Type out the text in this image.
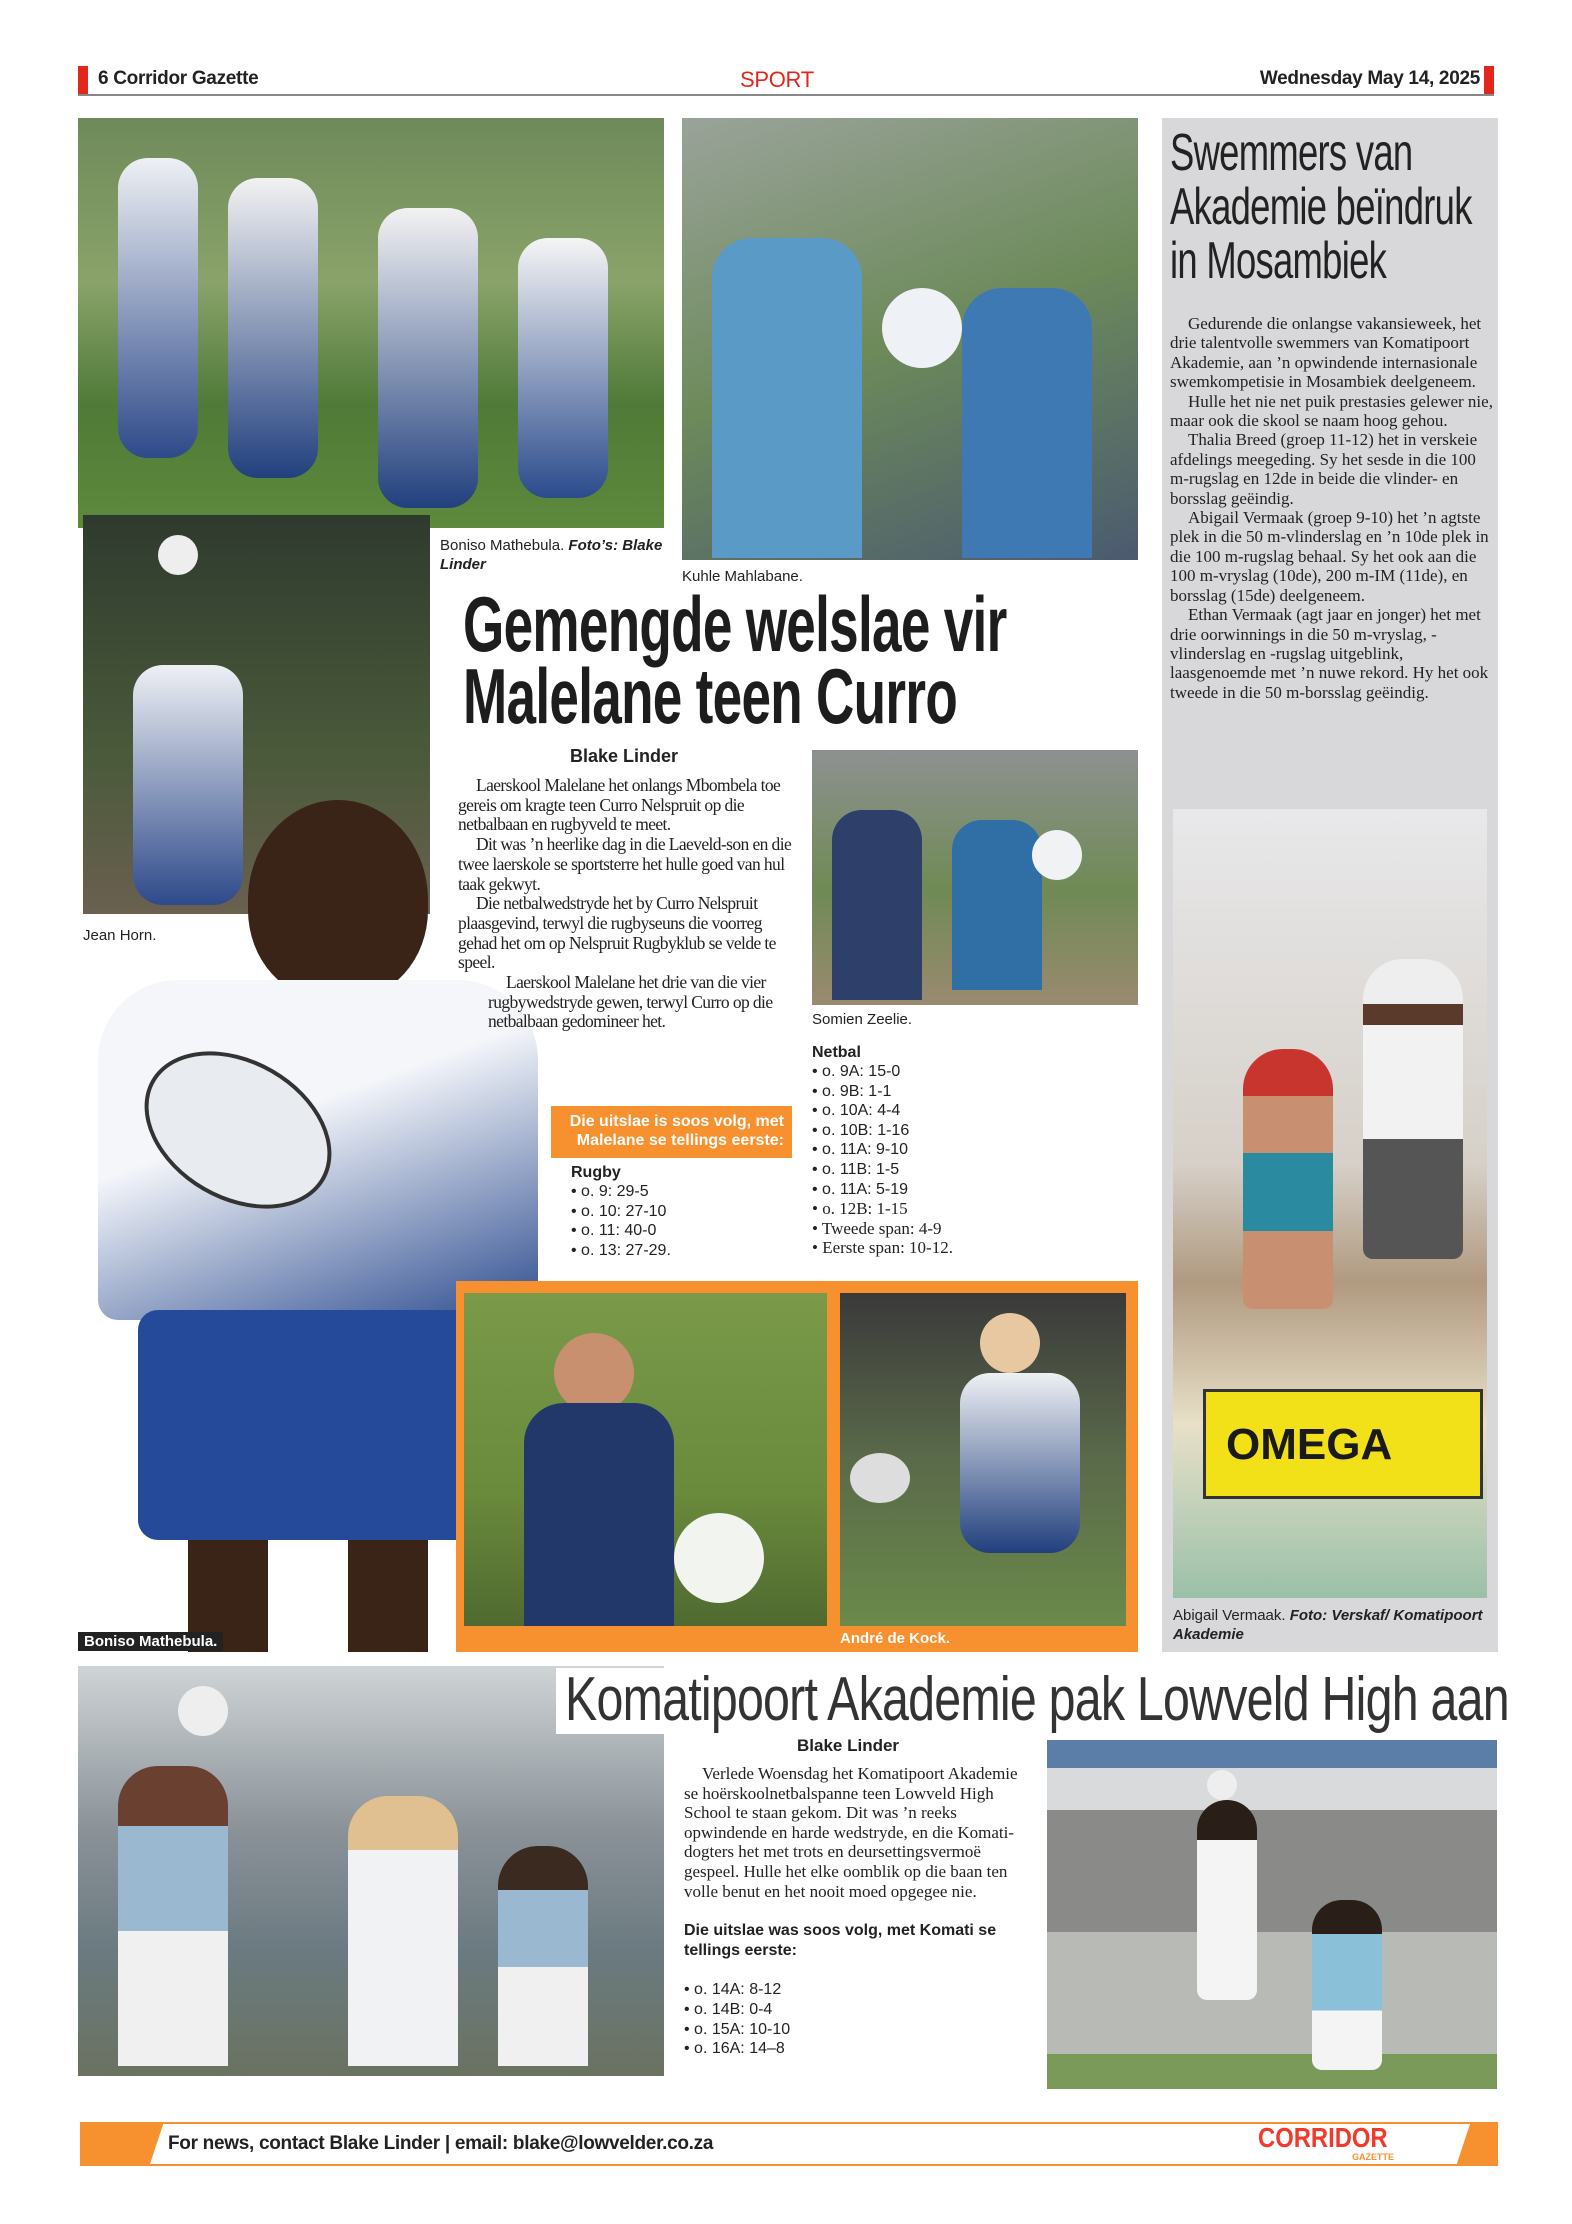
6 Corridor Gazette	SPORT	Wednesday May 14, 2025
Boniso Mathebula. Foto’s: Blake Linder
Kuhle Mahlabane.
Jean Horn.
Boniso Mathebula.
Gemengde welslae vir
Malelane teen Curro
Blake Linder

Laerskool Malelane het onlangs Mbombela toe gereis om kragte teen Curro Nelspruit op die netbalbaan en rugbyveld te meet.

Dit was ’n heerlike dag in die Laeveld-son en die twee laerskole se sportsterre het hulle goed van hul taak gekwyt.

Die netbalwedstryde het by Curro Nelspruit plaasgevind, terwyl die rugbyseuns die voorreg gehad het om op Nelspruit Rugbyklub se velde te speel.

Laerskool Malelane het drie van die vier rugbywedstryde gewen, terwyl Curro op die netbalbaan gedomineer het.

Die uitslae is soos volg, met Malelane se tellings eerste:
Rugby
• o. 9: 29-5
• o. 10: 27-10
• o. 11: 40-0
• o. 13: 27-29.
Somien Zeelie.
Netbal
• o. 9A: 15-0
• o. 9B: 1-1
• o. 10A: 4-4
• o. 10B: 1-16
• o. 11A: 9-10
• o. 11B: 1-5
• o. 11A: 5-19
• o. 12B: 1-15
• Tweede span: 4-9
• Eerste span: 10-12.
André de Kock.
Swemmers van Akademie beïndruk in Mosambiek

Gedurende die onlangse vakansieweek, het drie talentvolle swemmers van Komatipoort Akademie, aan ’n opwindende internasionale swemkompetisie in Mosambiek deelgeneem.

Hulle het nie net puik prestasies gelewer nie, maar ook die skool se naam hoog gehou.

Thalia Breed (groep 11-12) het in verskeie afdelings meegeding. Sy het sesde in die 100 m-rugslag en 12de in beide die vlinder- en borsslag geëindig.

Abigail Vermaak (groep 9-10) het ’n agtste plek in die 50 m-vlinderslag en ’n 10de plek in die 100 m-rugslag behaal. Sy het ook aan die 100 m-vryslag (10de), 200 m-IM (11de), en borsslag (15de) deelgeneem.

Ethan Vermaak (agt jaar en jonger) het met drie oorwinnings in die 50 m-vryslag, -vlinderslag en -rugslag uitgeblink, laasgenoemde met ’n nuwe rekord. Hy het ook tweede in die 50 m-borsslag geëindig.

OMEGA
Abigail Vermaak. Foto: Verskaf/ Komatipoort Akademie
Komatipoort Akademie pak Lowveld High aan
Blake Linder

Verlede Woensdag het Komatipoort Akademie se hoërskoolnetbalspanne teen Lowveld High School te staan gekom. Dit was ’n reeks opwindende en harde wedstryde, en die Komati-dogters het met trots en deursettingsvermoë gespeel. Hulle het elke oomblik op die baan ten volle benut en het nooit moed opgegee nie.

Die uitslae was soos volg, met Komati se tellings eerste:

• o. 14A: 8-12
• o. 14B: 0-4
• o. 15A: 10-10
• o. 16A: 14–8
For news, contact Blake Linder | email: blake@lowvelder.co.za	CORRIDOR
GAZETTE
